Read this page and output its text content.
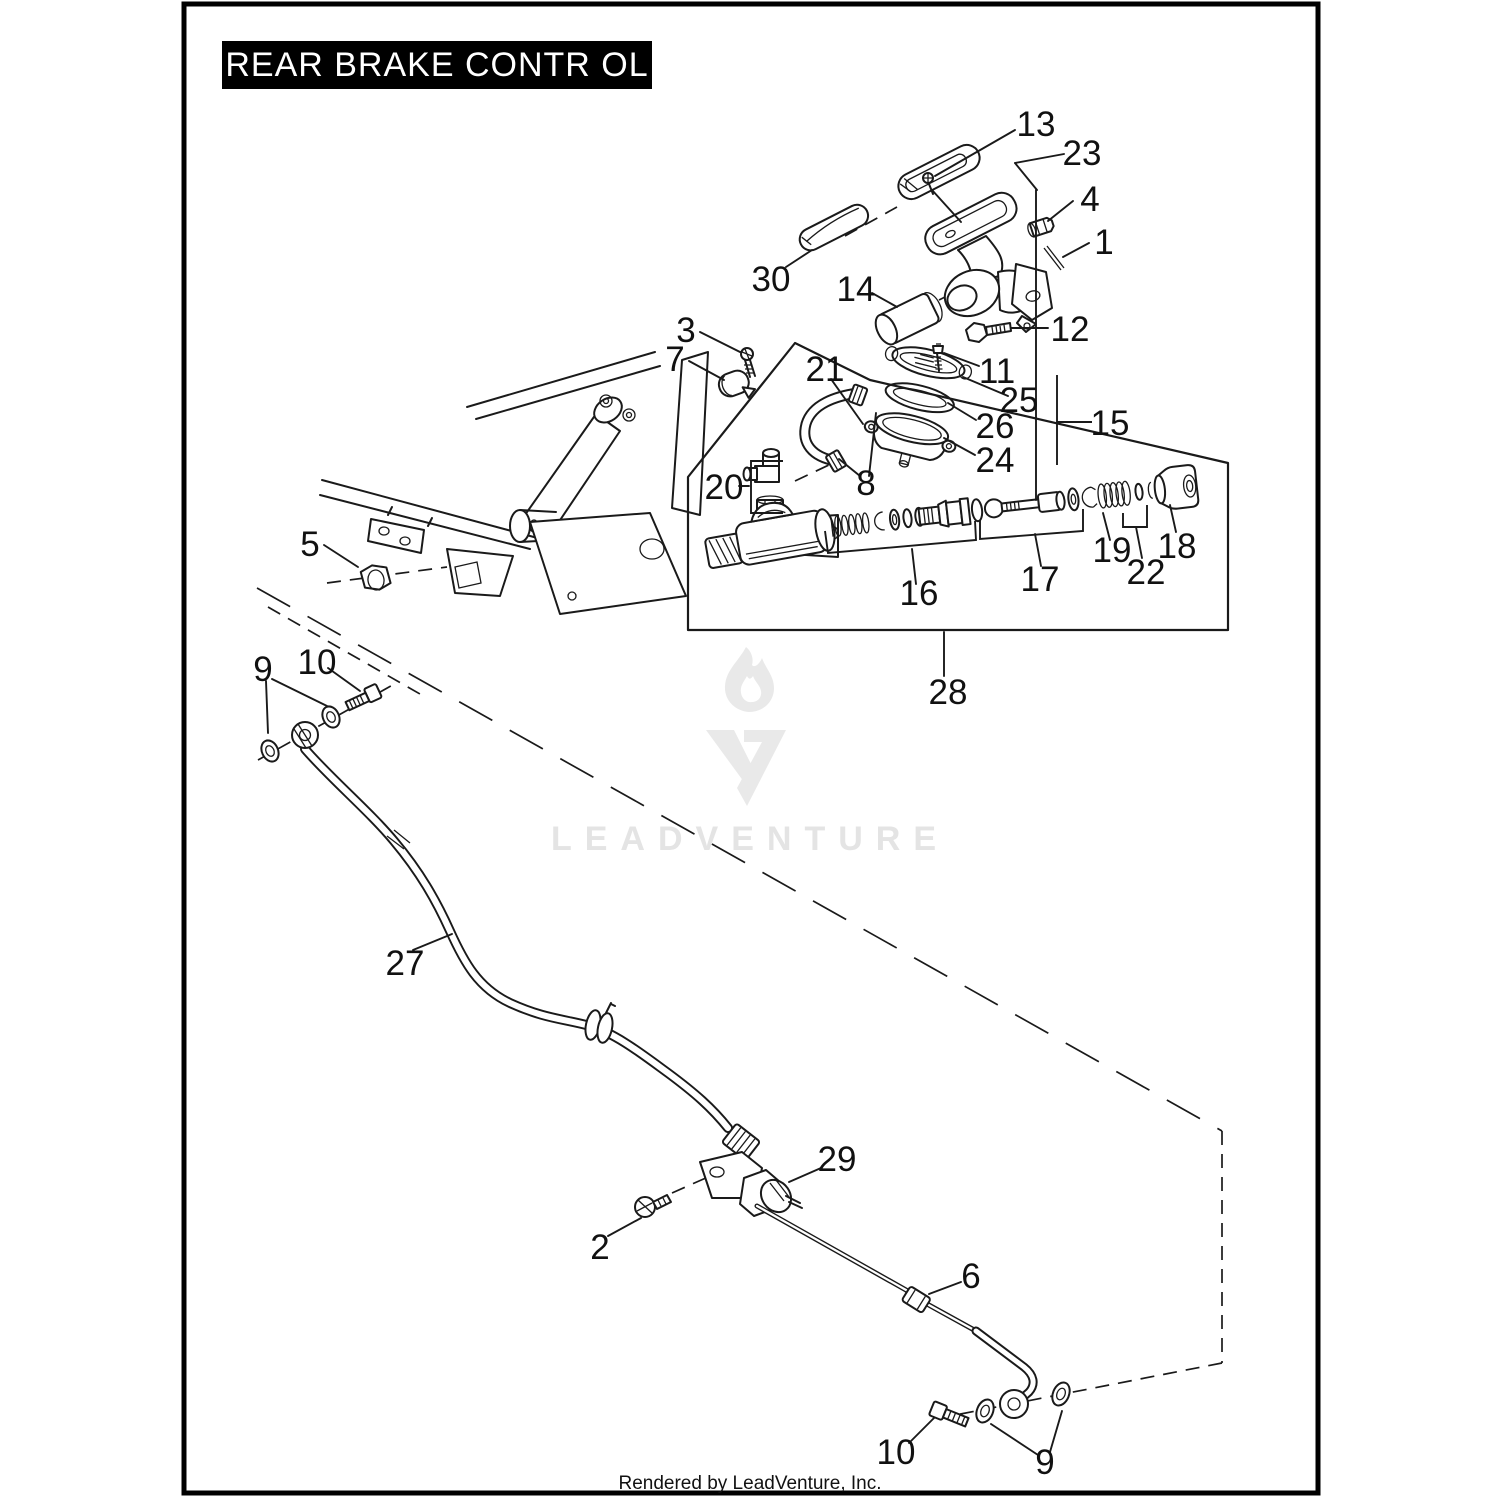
LEADVENTURE
1
2
3
4
5
6
7
8
9
9
10
10
11
12
13
14
15
16 17
18
19
20
21
22
23
24
25
26
27
28
29
30
REAR BRAKE CONTR OL
Rendered by LeadVenture, Inc.
